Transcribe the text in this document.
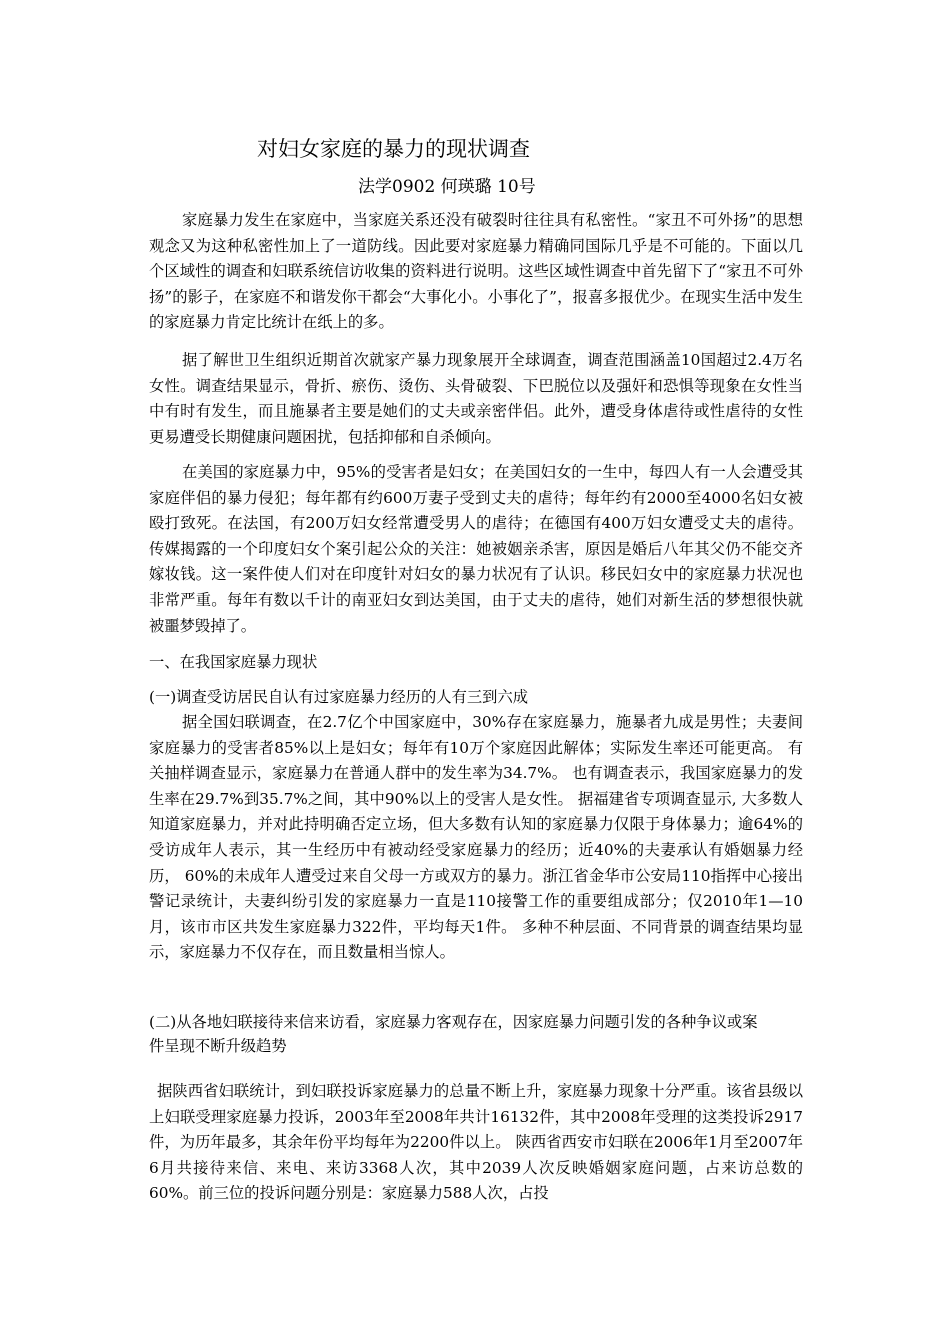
对妇女家庭的暴力的现状调查
法学0902 何瑛璐 10号

家庭暴力发生在家庭中，当家庭关系还没有破裂时往往具有私密性。“家丑不可外扬”的思想观念又为这种私密性加上了一道防线。因此要对家庭暴力精确同国际几乎是不可能的。下面以几个区域性的调查和妇联系统信访收集的资料进行说明。这些区域性调查中首先留下了“家丑不可外扬”的影子，在家庭不和谐发你干都会“大事化小。小事化了”，报喜多报优少。在现实生活中发生的家庭暴力肯定比统计在纸上的多。

据了解世卫生组织近期首次就家产暴力现象展开全球调查，调查范围涵盖10国超过2.4万名女性。调查结果显示，骨折、瘀伤、烫伤、头骨破裂、下巴脱位以及强奸和恐惧等现象在女性当中有时有发生，而且施暴者主要是她们的丈夫或亲密伴侣。此外，遭受身体虐待或性虐待的女性更易遭受长期健康问题困扰，包括抑郁和自杀倾向。

在美国的家庭暴力中，95%的受害者是妇女；在美国妇女的一生中，每四人有一人会遭受其家庭伴侣的暴力侵犯；每年都有约600万妻子受到丈夫的虐待；每年约有2000至4000名妇女被殴打致死。在法国，有200万妇女经常遭受男人的虐待；在德国有400万妇女遭受丈夫的虐待。传媒揭露的一个印度妇女个案引起公众的关注：她被姻亲杀害，原因是婚后八年其父仍不能交齐嫁妆钱。这一案件使人们对在印度针对妇女的暴力状况有了认识。移民妇女中的家庭暴力状况也非常严重。每年有数以千计的南亚妇女到达美国，由于丈夫的虐待，她们对新生活的梦想很快就被噩梦毁掉了。

一、在我国家庭暴力现状
(一)调查受访居民自认有过家庭暴力经历的人有三到六成

据全国妇联调查，在2.7亿个中国家庭中，30%存在家庭暴力，施暴者九成是男性；夫妻间家庭暴力的受害者85%以上是妇女；每年有10万个家庭因此解体；实际发生率还可能更高。 有关抽样调查显示，家庭暴力在普通人群中的发生率为34.7%。 也有调查表示，我国家庭暴力的发生率在29.7%到35.7%之间，其中90%以上的受害人是女性。 据福建省专项调查显示, 大多数人知道家庭暴力，并对此持明确否定立场，但大多数有认知的家庭暴力仅限于身体暴力；逾64%的受访成年人表示，其一生经历中有被动经受家庭暴力的经历；近40%的夫妻承认有婚姻暴力经历， 60%的未成年人遭受过来自父母一方或双方的暴力。浙江省金华市公安局110指挥中心接出警记录统计，夫妻纠纷引发的家庭暴力一直是110接警工作的重要组成部分；仅2010年1—10月，该市市区共发生家庭暴力322件，平均每天1件。 多种不种层面、不同背景的调查结果均显示，家庭暴力不仅存在，而且数量相当惊人。

(二)从各地妇联接待来信来访看，家庭暴力客观存在，因家庭暴力问题引发的各种争议或案
件呈现不断升级趋势

据陕西省妇联统计，到妇联投诉家庭暴力的总量不断上升，家庭暴力现象十分严重。该省县级以上妇联受理家庭暴力投诉，2003年至2008年共计16132件，其中2008年受理的这类投诉2917件，为历年最多，其余年份平均每年为2200件以上。 陕西省西安市妇联在2006年1月至2007年6月共接待来信、来电、来访3368人次，其中2039人次反映婚姻家庭问题，占来访总数的60%。前三位的投诉问题分别是：家庭暴力588人次，占投
